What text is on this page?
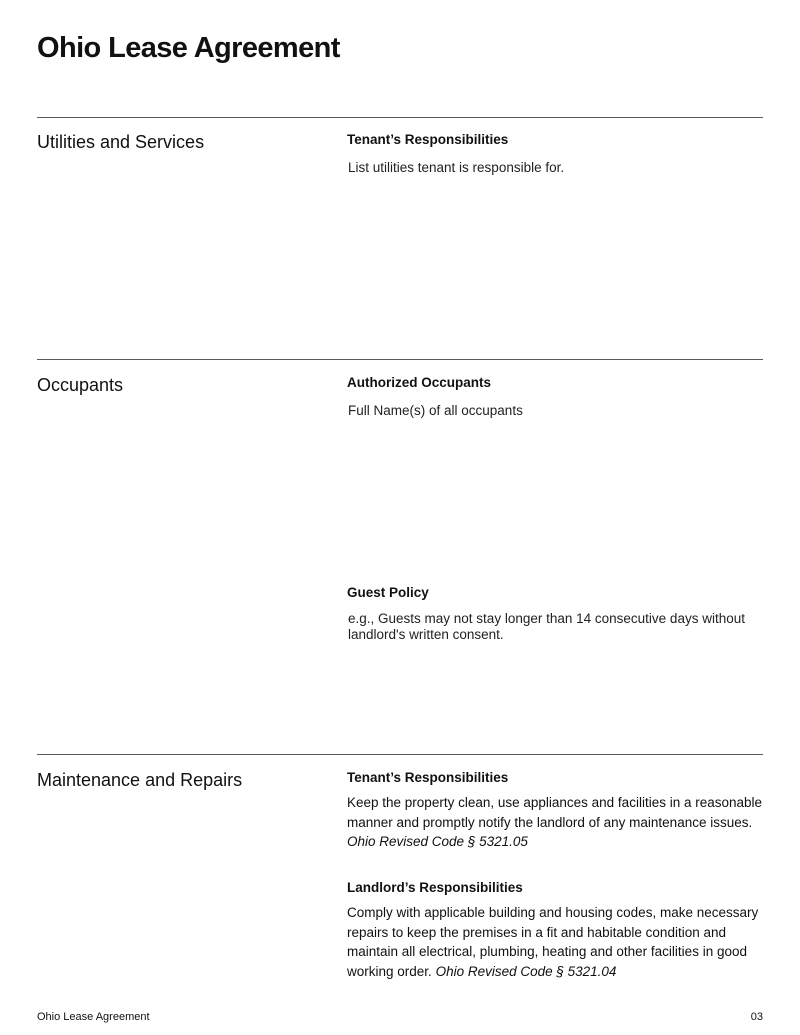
Ohio Lease Agreement
Utilities and Services	Tenant’s Responsibilities
List utilities tenant is responsible for.
Occupants	Authorized Occupants
Full Name(s) of all occupants
Guest Policy
e.g., Guests may not stay longer than 14 consecutive days without landlord's written consent.
Maintenance and Repairs	Tenant’s Responsibilities

Keep the property clean, use appliances and facilities in a reasonable manner and promptly notify the landlord of any maintenance issues.
Ohio Revised Code § 5321.05

Landlord’s Responsibilities

Comply with applicable building and housing codes, make necessary repairs to keep the premises in a fit and habitable condition and maintain all electrical, plumbing, heating and other facilities in good working order. Ohio Revised Code § 5321.04

Ohio Lease Agreement	03
